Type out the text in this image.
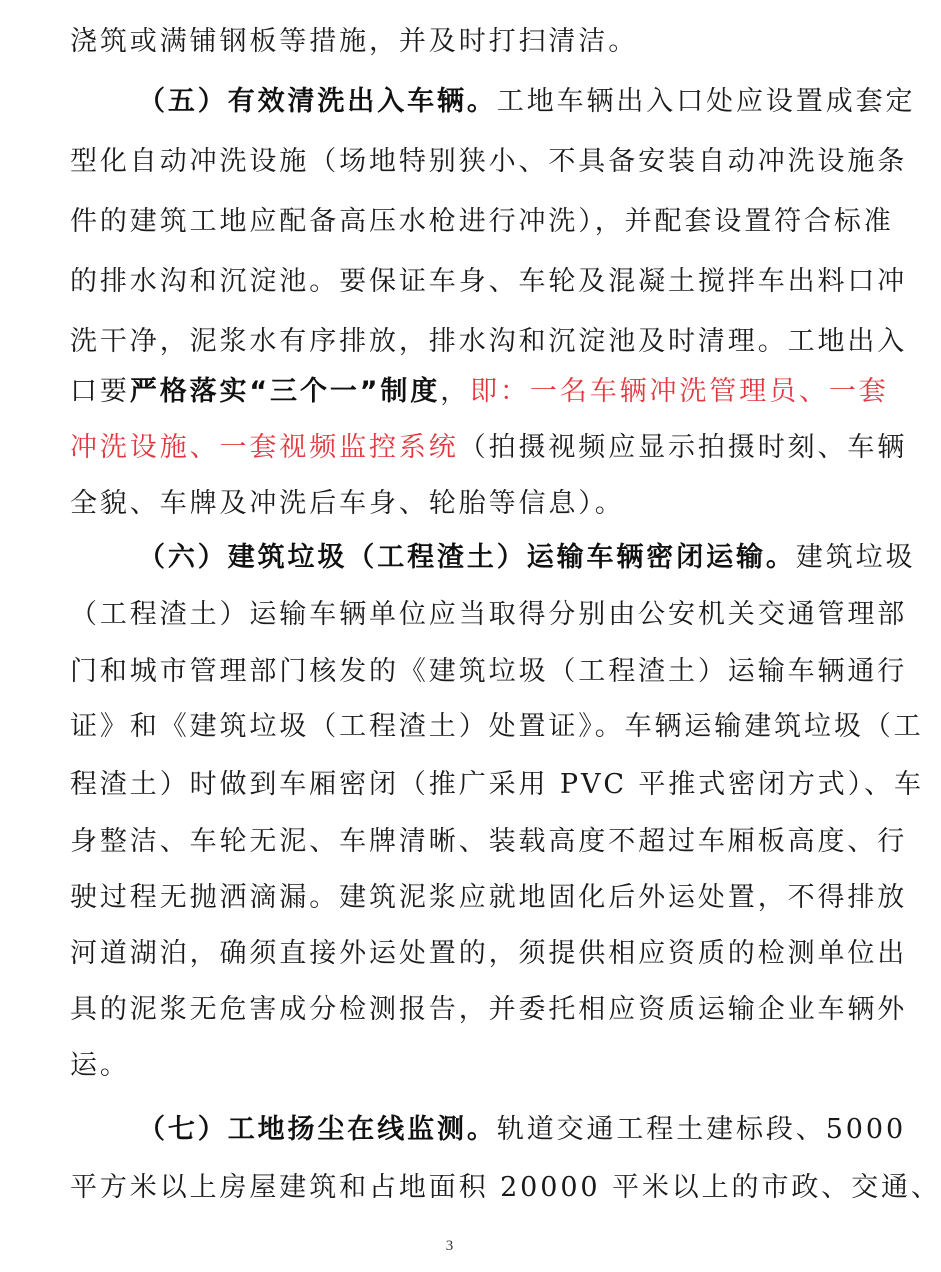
浇筑或满铺钢板等措施，并及时打扫清洁。
（五）有效清洗出入车辆。工地车辆出入口处应设置成套定
型化自动冲洗设施（场地特别狭小、不具备安装自动冲洗设施条
件的建筑工地应配备高压水枪进行冲洗），并配套设置符合标准
的排水沟和沉淀池。要保证车身、车轮及混凝土搅拌车出料口冲
洗干净，泥浆水有序排放，排水沟和沉淀池及时清理。工地出入
口要严格落实“三个一”制度，即：一名车辆冲洗管理员、一套
冲洗设施、一套视频监控系统（拍摄视频应显示拍摄时刻、车辆
全貌、车牌及冲洗后车身、轮胎等信息）。
（六）建筑垃圾（工程渣土）运输车辆密闭运输。建筑垃圾
（工程渣土）运输车辆单位应当取得分别由公安机关交通管理部
门和城市管理部门核发的《建筑垃圾（工程渣土）运输车辆通行
证》和《建筑垃圾（工程渣土）处置证》。车辆运输建筑垃圾（工
程渣土）时做到车厢密闭（推广采用 PVC 平推式密闭方式）、车
身整洁、车轮无泥、车牌清晰、装载高度不超过车厢板高度、行
驶过程无抛洒滴漏。建筑泥浆应就地固化后外运处置，不得排放
河道湖泊，确须直接外运处置的，须提供相应资质的检测单位出
具的泥浆无危害成分检测报告，并委托相应资质运输企业车辆外
运。
（七）工地扬尘在线监测。轨道交通工程土建标段、5000
平方米以上房屋建筑和占地面积 20000 平米以上的市政、交通、
3
